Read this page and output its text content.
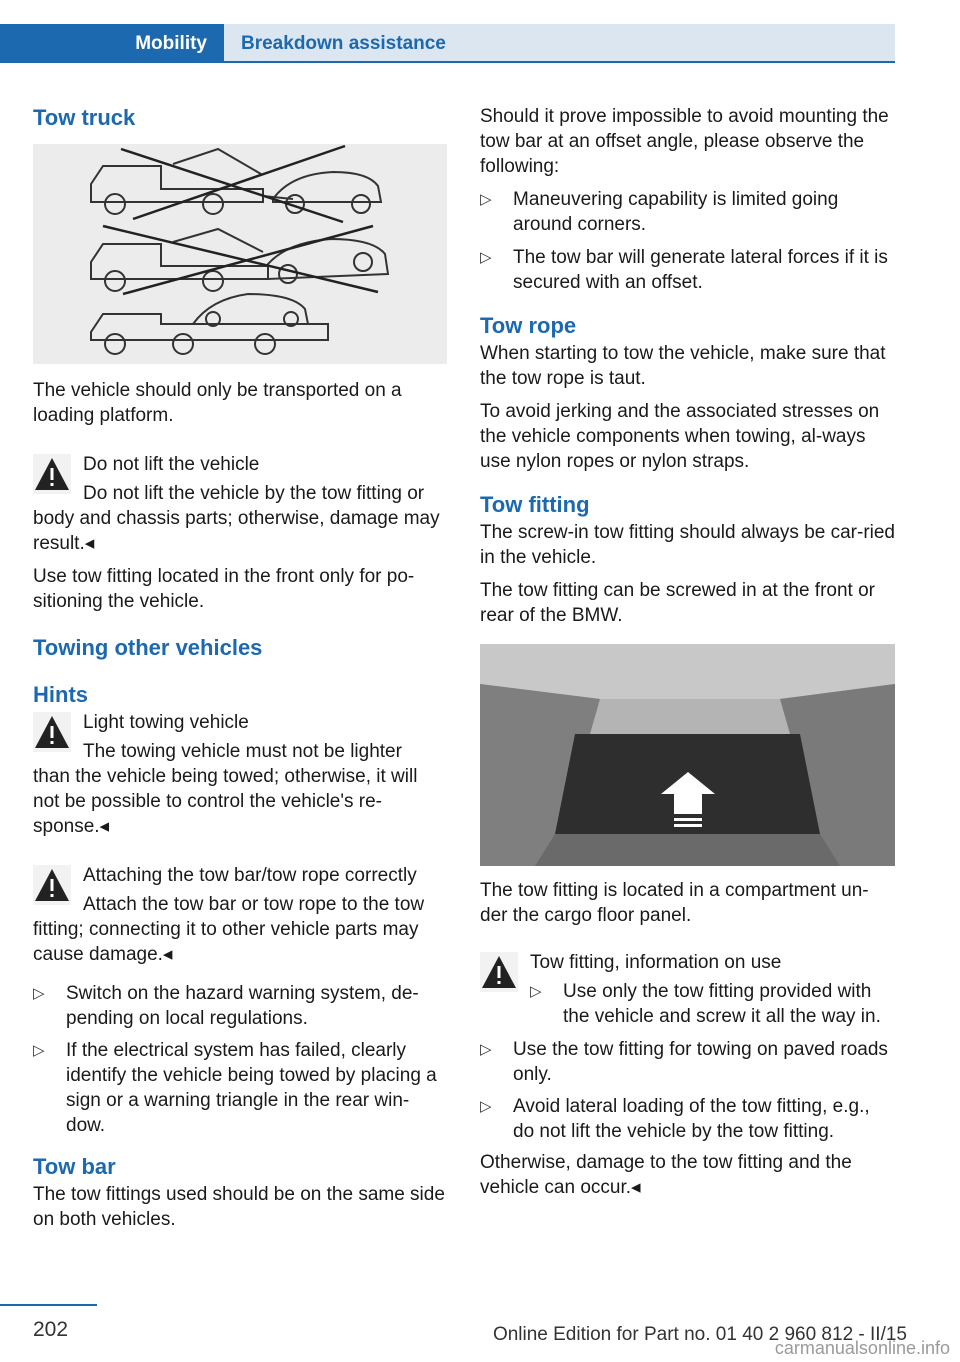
Mobility	Breakdown assistance
Tow truck

The vehicle should only be transported on a loading platform.

Do not lift the vehicle

Do not lift the vehicle by the tow fitting or

body and chassis parts; otherwise, damage may result.◂

Use tow fitting located in the front only for po‐sitioning the vehicle.

Towing other vehicles
Hints

Light towing vehicle

The towing vehicle must not be lighter

than the vehicle being towed; otherwise, it will not be possible to control the vehicle's re‐sponse.◂

Attaching the tow bar/tow rope correctly

Attach the tow bar or tow rope to the tow

fitting; connecting it to other vehicle parts may cause damage.◂

▷ Switch on the hazard warning system, de‐pending on local regulations.

▷ If the electrical system has failed, clearly identify the vehicle being towed by placing a sign or a warning triangle in the rear win‐dow.

Tow bar

The tow fittings used should be on the same side on both vehicles.

Should it prove impossible to avoid mounting the tow bar at an offset angle, please observe the following:

▷ Maneuvering capability is limited going around corners.

▷ The tow bar will generate lateral forces if it is secured with an offset.

Tow rope

When starting to tow the vehicle, make sure that the tow rope is taut.

To avoid jerking and the associated stresses on the vehicle components when towing, al‐ways use nylon ropes or nylon straps.

Tow fitting

The screw-in tow fitting should always be car‐ried in the vehicle.

The tow fitting can be screwed in at the front or rear of the BMW.

The tow fitting is located in a compartment un‐der the cargo floor panel.

Tow fitting, information on use

▷ Use only the tow fitting provided with the vehicle and screw it all the way in.

▷ Use the tow fitting for towing on paved roads only.

▷ Avoid lateral loading of the tow fitting, e.g., do not lift the vehicle by the tow fitting.

Otherwise, damage to the tow fitting and the vehicle can occur.◂

202	Online Edition for Part no. 01 40 2 960 812 - II/15
carmanualsonline.info
